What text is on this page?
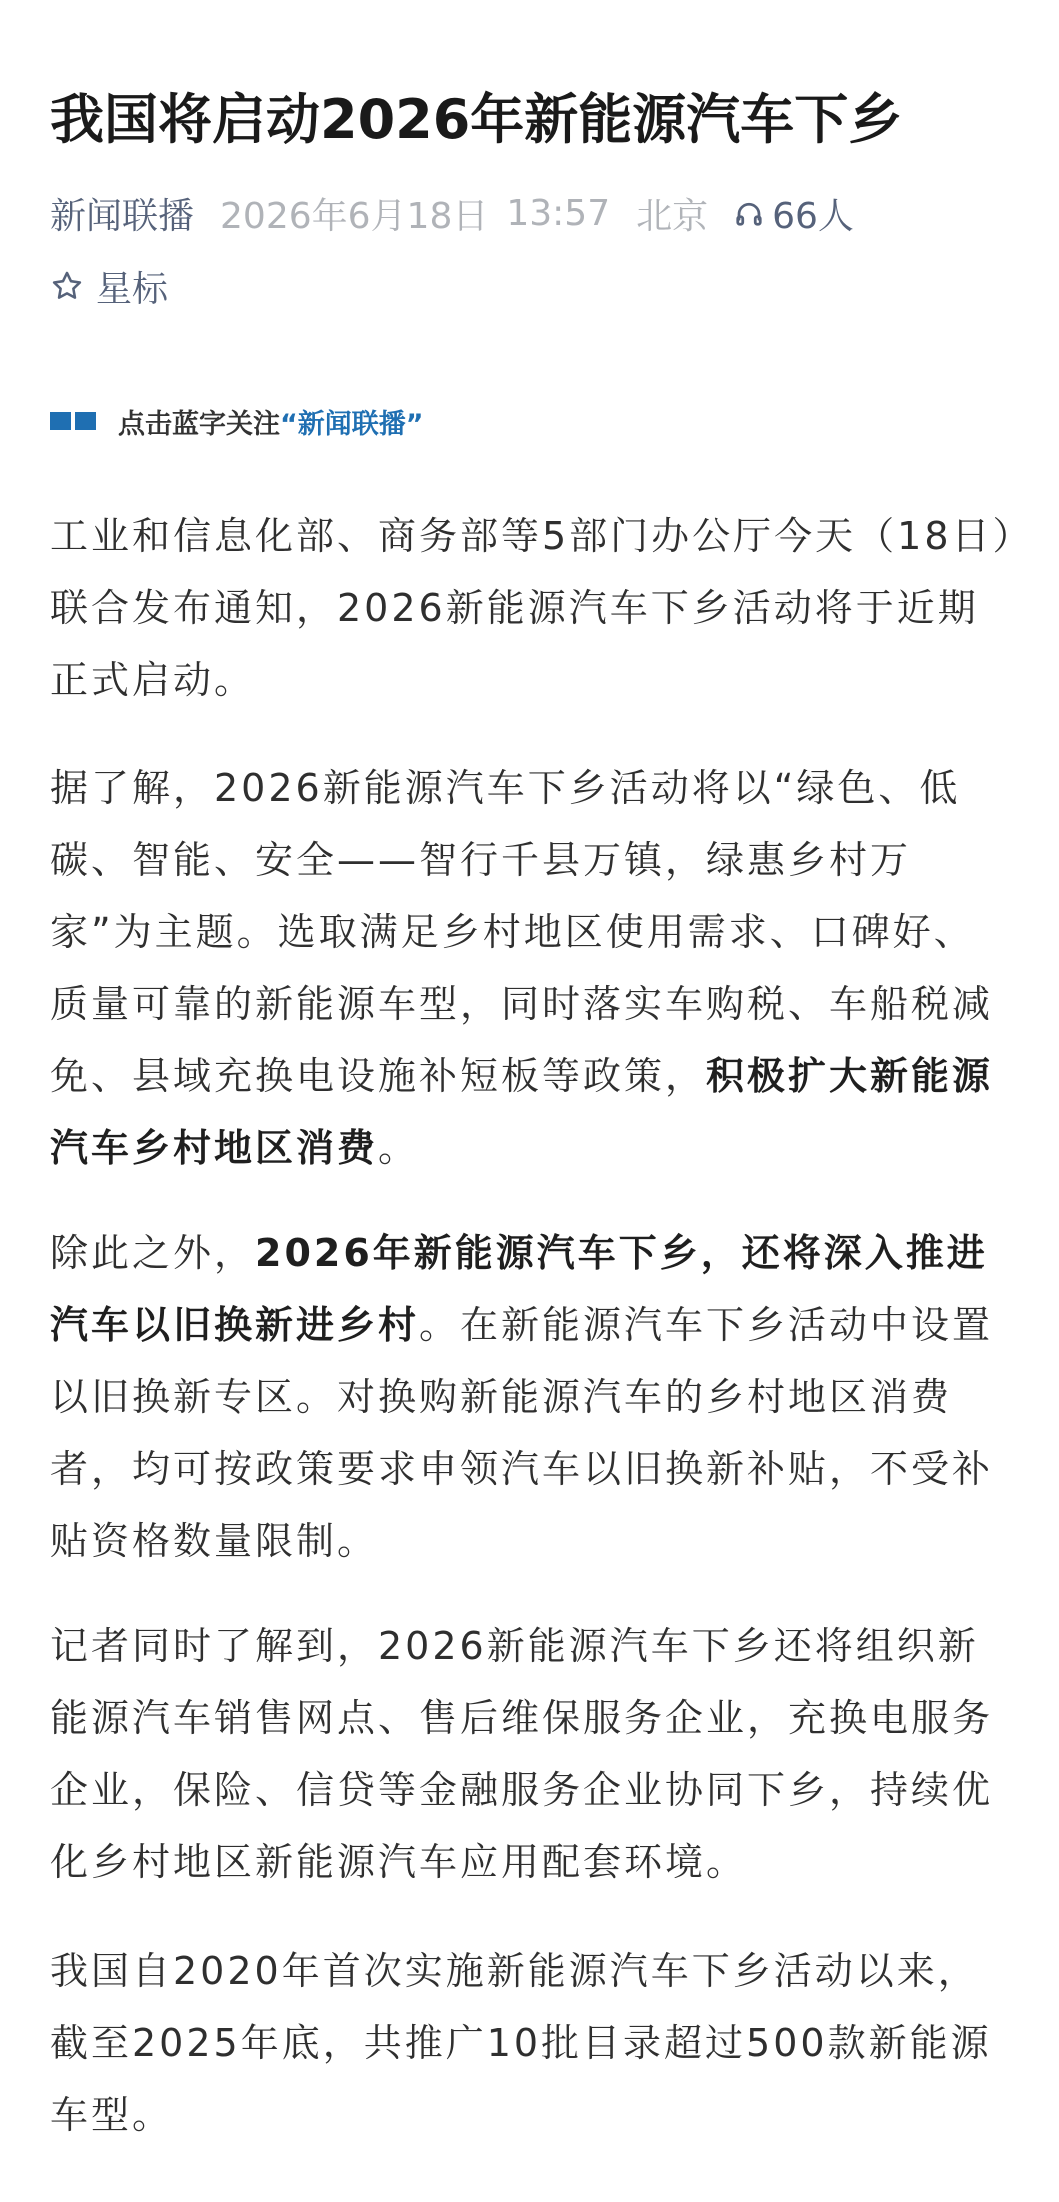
我国将启动2026年新能源汽车下乡
新闻联播 2026年6月18日 13:57 北京 66人
星标
点击蓝字关注 “新闻联播”

工业和信息化部、商务部等5部门办公厅今天（18日）联合发布通知，2026新能源汽车下乡活动将于近期正式启动。

据了解，2026新能源汽车下乡活动将以“绿色、低碳、智能、安全——智行千县万镇，绿惠乡村万家”为主题。选取满足乡村地区使用需求、口碑好、质量可靠的新能源车型，同时落实车购税、车船税减免、县域充换电设施补短板等政策，积极扩大新能源汽车乡村地区消费。

除此之外，2026年新能源汽车下乡，还将深入推进汽车以旧换新进乡村。在新能源汽车下乡活动中设置以旧换新专区。对换购新能源汽车的乡村地区消费者，均可按政策要求申领汽车以旧换新补贴，不受补贴资格数量限制。

记者同时了解到，2026新能源汽车下乡还将组织新能源汽车销售网点、售后维保服务企业，充换电服务企业，保险、信贷等金融服务企业协同下乡，持续优化乡村地区新能源汽车应用配套环境。

我国自2020年首次实施新能源汽车下乡活动以来，截至2025年底，共推广10批目录超过500款新能源车型。
